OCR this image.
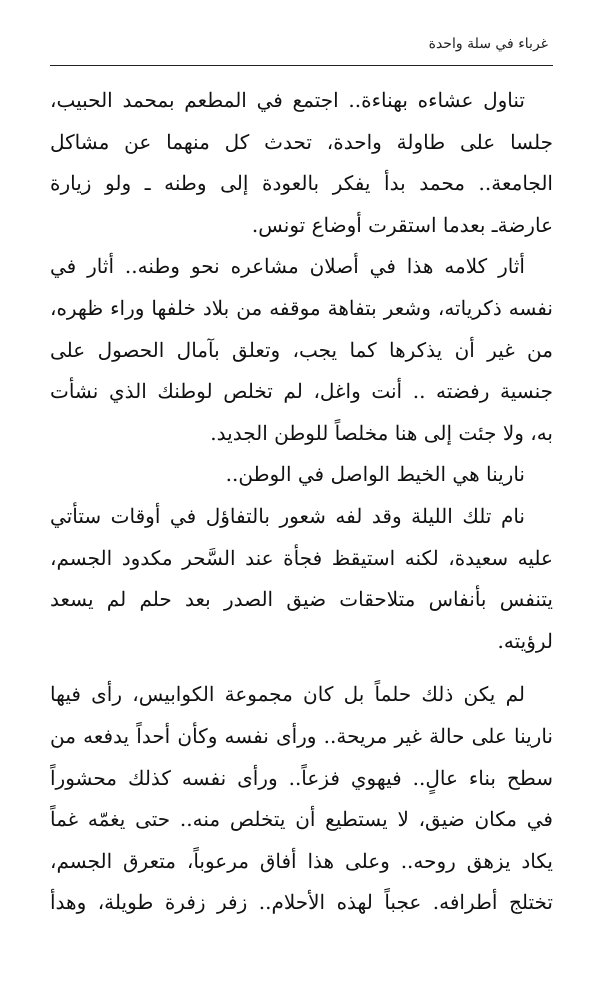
غرباء في سلة واحدة
تناول عشاءه بهناءة.. اجتمع في المطعم بمحمد الحبيب،
جلسا على طاولة واحدة، تحدث كل منهما عن مشاكل
الجامعة.. محمد بدأ يفكر بالعودة إلى وطنه ـ ولو زيارة
عارضةـ بعدما استقرت أوضاع تونس.
أثار كلامه هذا في أصلان مشاعره نحو وطنه.. أثار في
نفسه ذكرياته، وشعر بتفاهة موقفه من بلاد خلفها وراء ظهره،
من غير أن يذكرها كما يجب، وتعلق بآمال الحصول على
جنسية رفضته .. أنت واغل، لم تخلص لوطنك الذي نشأت
به، ولا جئت إلى هنا مخلصاً للوطن الجديد.
نارينا هي الخيط الواصل في الوطن..
نام تلك الليلة وقد لفه شعور بالتفاؤل في أوقات ستأتي
عليه سعيدة، لكنه استيقظ فجأة عند السَّحر مكدود الجسم،
يتنفس بأنفاس متلاحقات ضيق الصدر بعد حلم لم يسعد
لرؤيته.
لم يكن ذلك حلماً بل كان مجموعة الكوابيس، رأى فيها
نارينا على حالة غير مريحة.. ورأى نفسه وكأن أحداً يدفعه من
سطح بناء عالٍ.. فيهوي فزعاً.. ورأى نفسه كذلك محشوراً
في مكان ضيق، لا يستطيع أن يتخلص منه.. حتى يغمّه غماً
يكاد يزهق روحه.. وعلى هذا أفاق مرعوباً، متعرق الجسم،
تختلج أطرافه. عجباً لهذه الأحلام.. زفر زفرة طويلة، وهدأ
